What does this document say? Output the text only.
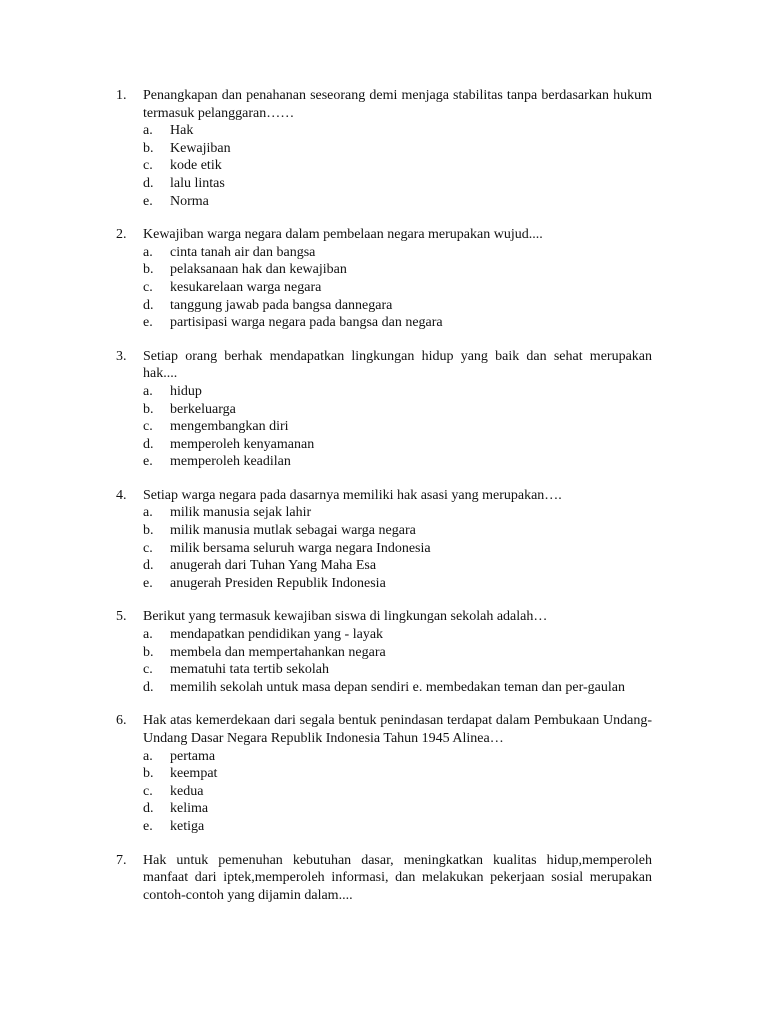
1. Penangkapan dan penahanan seseorang demi menjaga stabilitas tanpa berdasarkan hukum termasuk pelanggaran……
a. Hak
b. Kewajiban
c. kode etik
d. lalu lintas
e. Norma
2. Kewajiban warga negara dalam pembelaan negara merupakan wujud....
a. cinta tanah air dan bangsa
b. pelaksanaan hak dan kewajiban
c. kesukarelaan warga negara
d. tanggung jawab pada bangsa dannegara
e. partisipasi warga negara pada bangsa dan negara
3. Setiap orang berhak mendapatkan lingkungan hidup yang baik dan sehat merupakan hak....
a. hidup
b. berkeluarga
c. mengembangkan diri
d. memperoleh kenyamanan
e. memperoleh keadilan
4. Setiap warga negara pada dasarnya memiliki hak asasi yang merupakan….
a. milik manusia sejak lahir
b. milik manusia mutlak sebagai warga negara
c. milik bersama seluruh warga negara Indonesia
d. anugerah dari Tuhan Yang Maha Esa
e. anugerah Presiden Republik Indonesia
5. Berikut yang termasuk kewajiban siswa di lingkungan sekolah adalah…
a. mendapatkan pendidikan yang - layak
b. membela dan mempertahankan negara
c. mematuhi tata tertib sekolah
d. memilih sekolah untuk masa depan sendiri e. membedakan teman dan per-gaulan
6. Hak atas kemerdekaan dari segala bentuk penindasan terdapat dalam Pembukaan Undang-Undang Dasar Negara Republik Indonesia Tahun 1945 Alinea…
a. pertama
b. keempat
c. kedua
d. kelima
e. ketiga
7. Hak untuk pemenuhan kebutuhan dasar, meningkatkan kualitas hidup,memperoleh manfaat dari iptek,memperoleh informasi, dan melakukan pekerjaan sosial merupakan contoh-contoh yang dijamin dalam....
